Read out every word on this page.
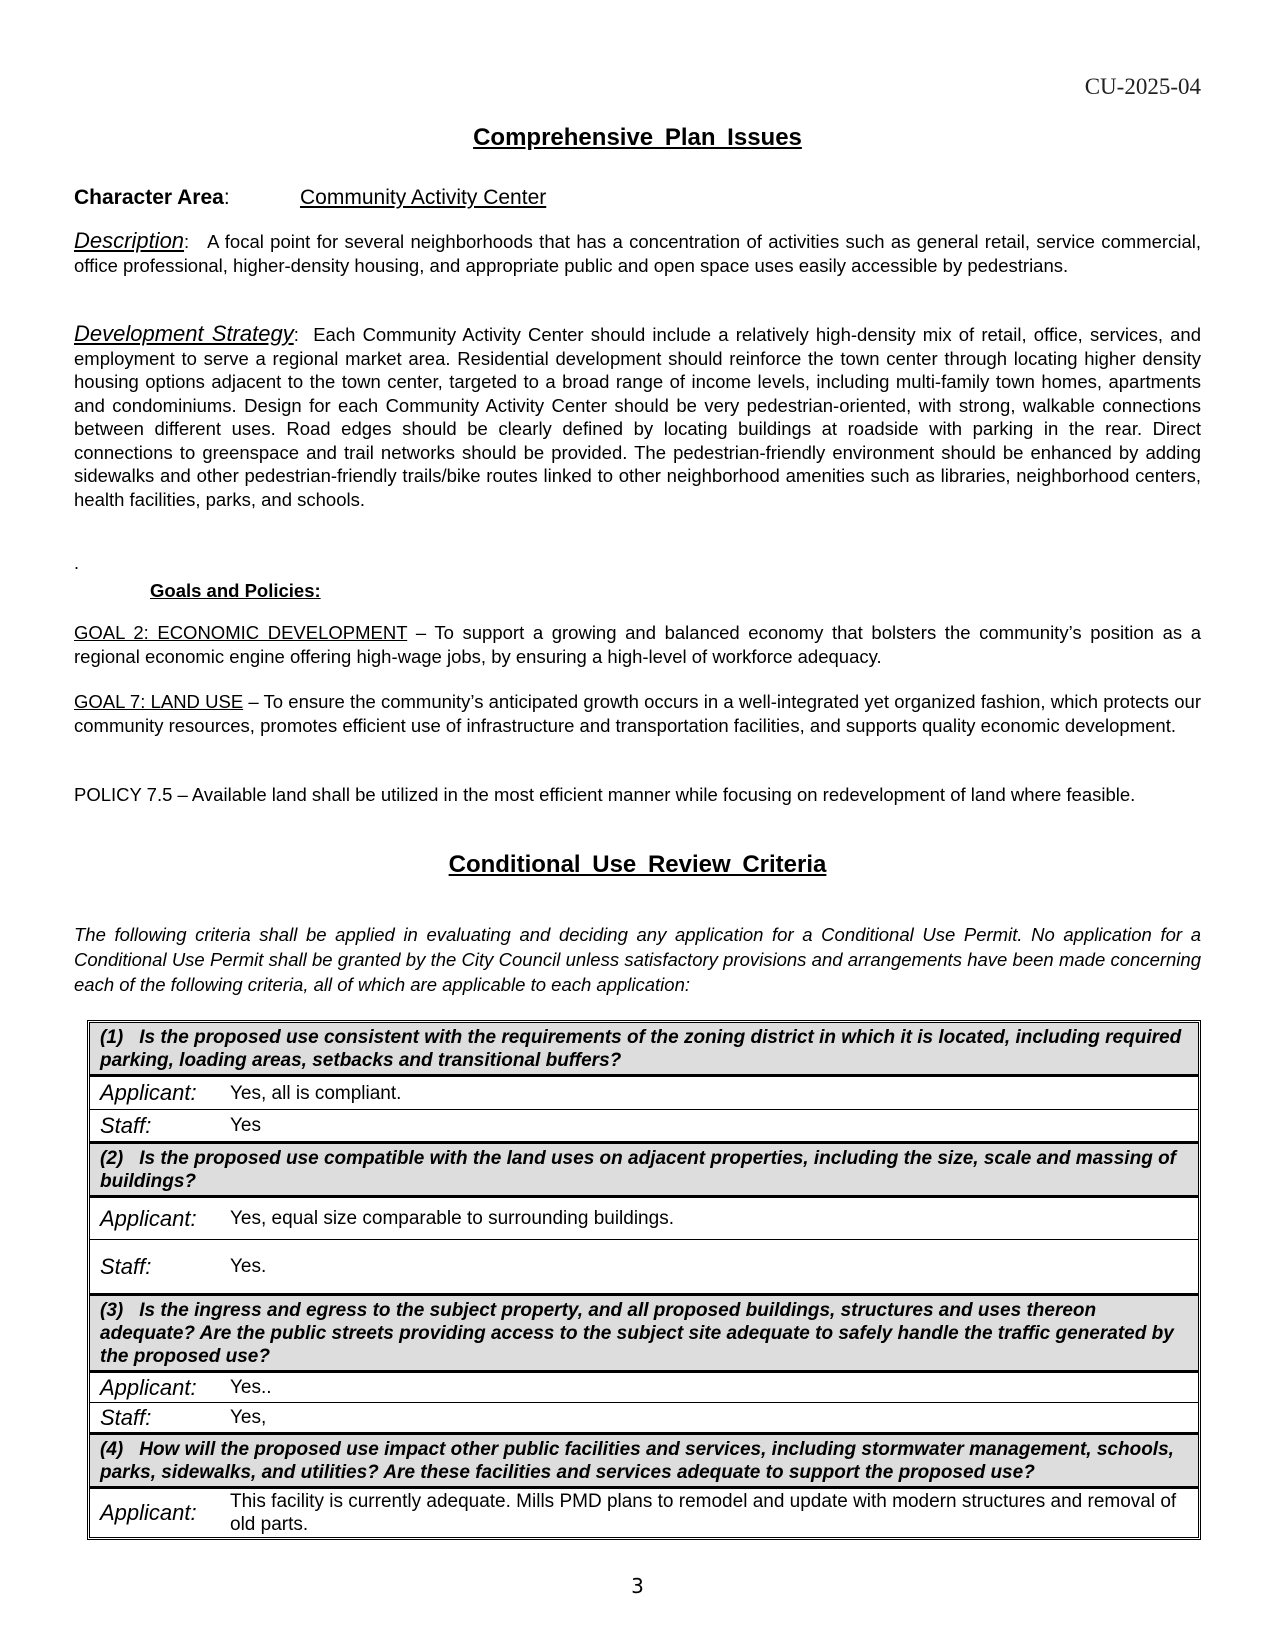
CU-2025-04
Comprehensive Plan Issues
Character Area:	Community Activity Center

Description:   A focal point for several neighborhoods that has a concentration of activities such as general retail, service commercial, office professional, higher-density housing, and appropriate public and open space uses easily accessible by pedestrians.

Development Strategy:  Each Community Activity Center should include a relatively high-density mix of retail, office, services, and employment to serve a regional market area. Residential development should reinforce the town center through locating higher density housing options adjacent to the town center, targeted to a broad range of income levels, including multi-family town homes, apartments and condominiums. Design for each Community Activity Center should be very pedestrian-oriented, with strong, walkable connections between different uses. Road edges should be clearly defined by locating buildings at roadside with parking in the rear. Direct connections to greenspace and trail networks should be provided. The pedestrian-friendly environment should be enhanced by adding sidewalks and other pedestrian-friendly trails/bike routes linked to other neighborhood amenities such as libraries, neighborhood centers, health facilities, parks, and schools.

.
Goals and Policies:

GOAL 2: ECONOMIC DEVELOPMENT – To support a growing and balanced economy that bolsters the community’s position as a regional economic engine offering high-wage jobs, by ensuring a high-level of workforce adequacy.

GOAL 7: LAND USE – To ensure the community’s anticipated growth occurs in a well-integrated yet organized fashion, which protects our community resources, promotes efficient use of infrastructure and transportation facilities, and supports quality economic development.

POLICY 7.5 – Available land shall be utilized in the most efficient manner while focusing on redevelopment of land where feasible.

Conditional Use Review Criteria

The following criteria shall be applied in evaluating and deciding any application for a Conditional Use Permit. No application for a Conditional Use Permit shall be granted by the City Council unless satisfactory provisions and arrangements have been made concerning each of the following criteria, all of which are applicable to each application:

(1) Is the proposed use consistent with the requirements of the zoning district in which it is located, including required parking, loading areas, setbacks and transitional buffers?
Applicant:	Yes, all is compliant.
Staff:	Yes
(2) Is the proposed use compatible with the land uses on adjacent properties, including the size, scale and massing of buildings?
Applicant:	Yes, equal size comparable to surrounding buildings.
Staff:	Yes.
(3) Is the ingress and egress to the subject property, and all proposed buildings, structures and uses thereon adequate? Are the public streets providing access to the subject site adequate to safely handle the traffic generated by the proposed use?
Applicant:	Yes..
Staff:	Yes,
(4) How will the proposed use impact other public facilities and services, including stormwater management, schools, parks, sidewalks, and utilities? Are these facilities and services adequate to support the proposed use?
Applicant:	This facility is currently adequate. Mills PMD plans to remodel and update with modern structures and removal of old parts.
3
